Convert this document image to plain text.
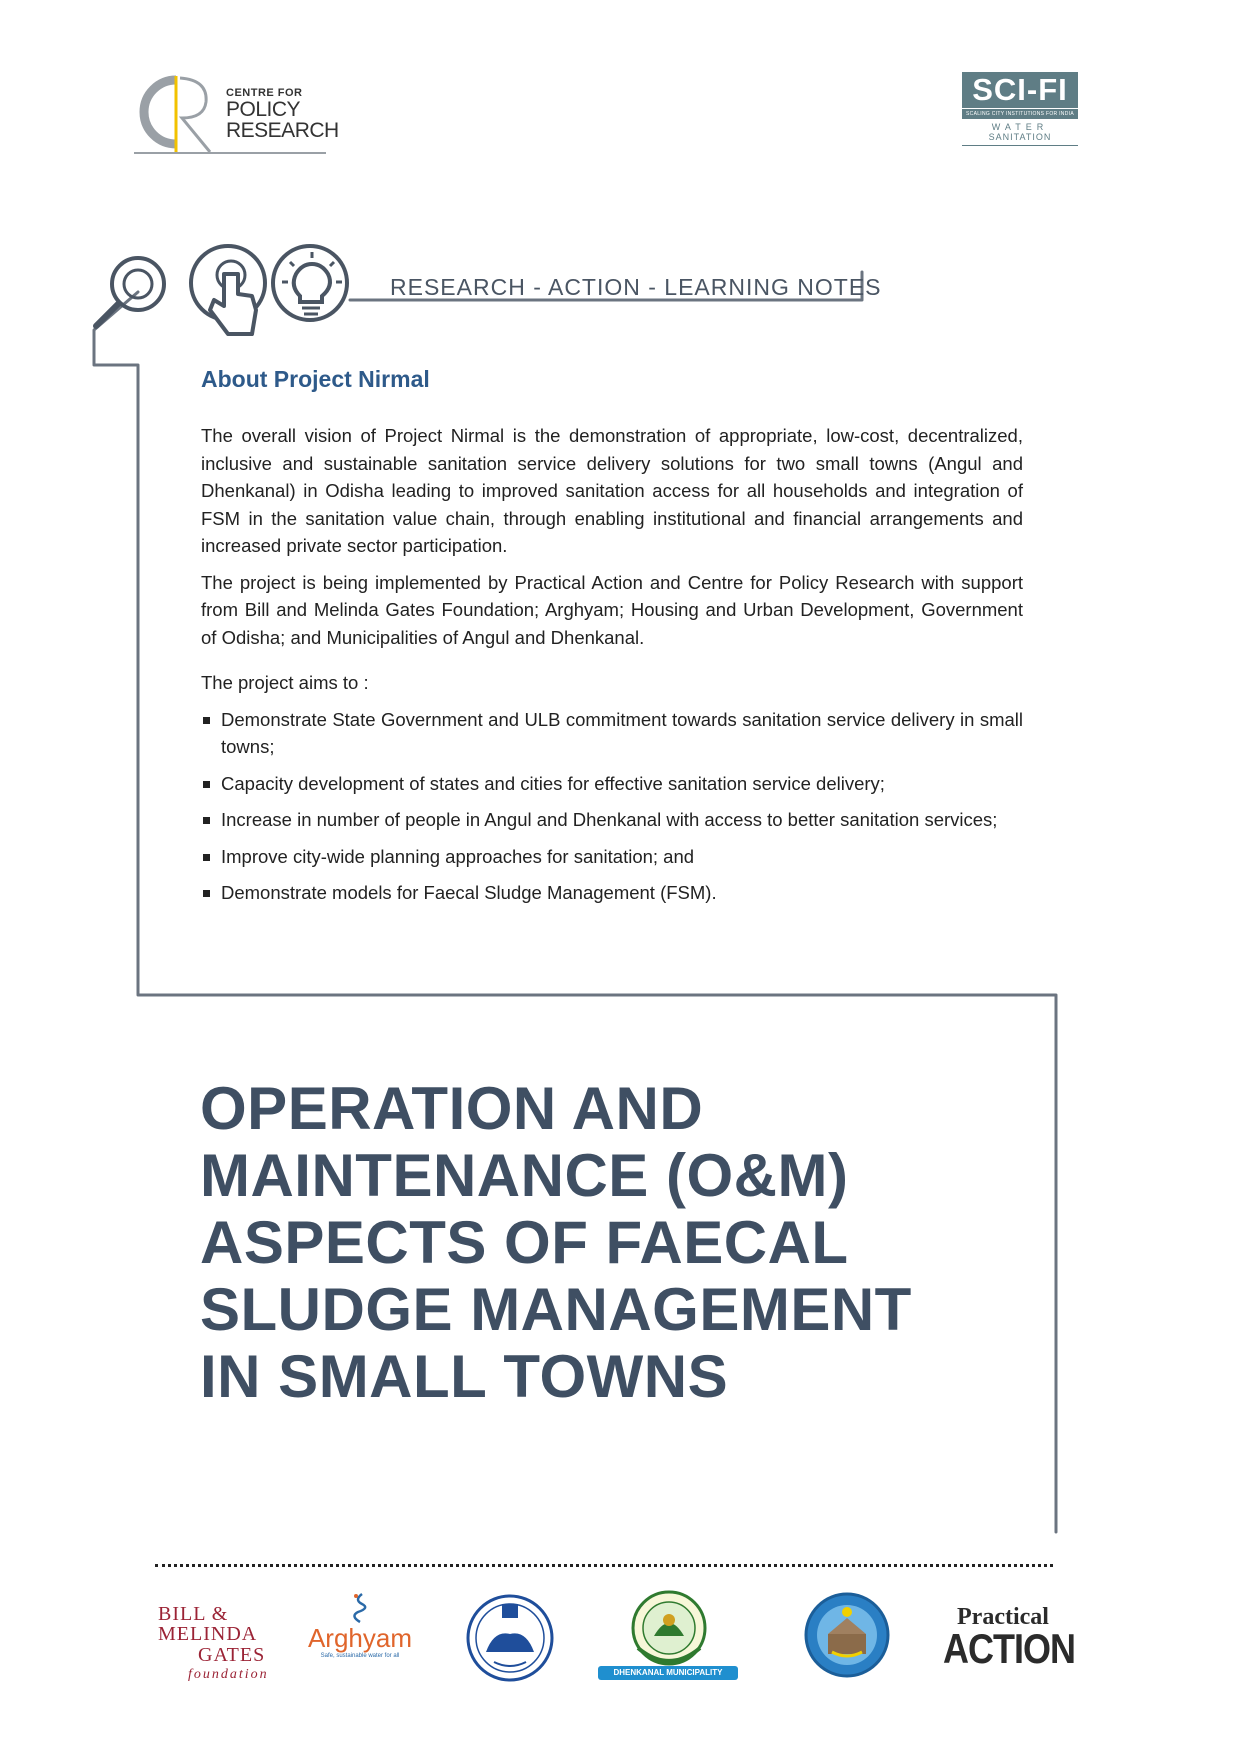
CENTRE FOR
POLICY
RESEARCH
SCI-FI
SCALING CITY INSTITUTIONS FOR INDIA
WATER
SANITATION
RESEARCH - ACTION - LEARNING NOTES
About Project Nirmal

The overall vision of Project Nirmal is the demonstration of appropriate, low-cost, decentralized, inclusive and sustainable sanitation service delivery solutions for two small towns (Angul and Dhenkanal) in Odisha leading to improved sanitation access for all households and integration of FSM in the sanitation value chain, through enabling institutional and financial arrangements and increased private sector participation.

The project is being implemented by Practical Action and Centre for Policy Research with support from Bill and Melinda Gates Foundation; Arghyam; Housing and Urban Development, Government of Odisha; and Municipalities of Angul and Dhenkanal.

The project aims to :

Demonstrate State Government and ULB commitment towards sanitation service delivery in small towns;
Capacity development of states and cities for effective sanitation service delivery;
Increase in number of people in Angul and Dhenkanal with access to better sanitation services;
Improve city-wide planning approaches for sanitation; and
Demonstrate models for Faecal Sludge Management (FSM).
OPERATION AND
MAINTENANCE (O&M)
ASPECTS OF FAECAL
SLUDGE MANAGEMENT
IN SMALL TOWNS
BILL &
MELINDA
GATES
foundation
Arghyam
Safe, sustainable water for all
DHENKANAL MUNICIPALITY
Practical
ACTION
